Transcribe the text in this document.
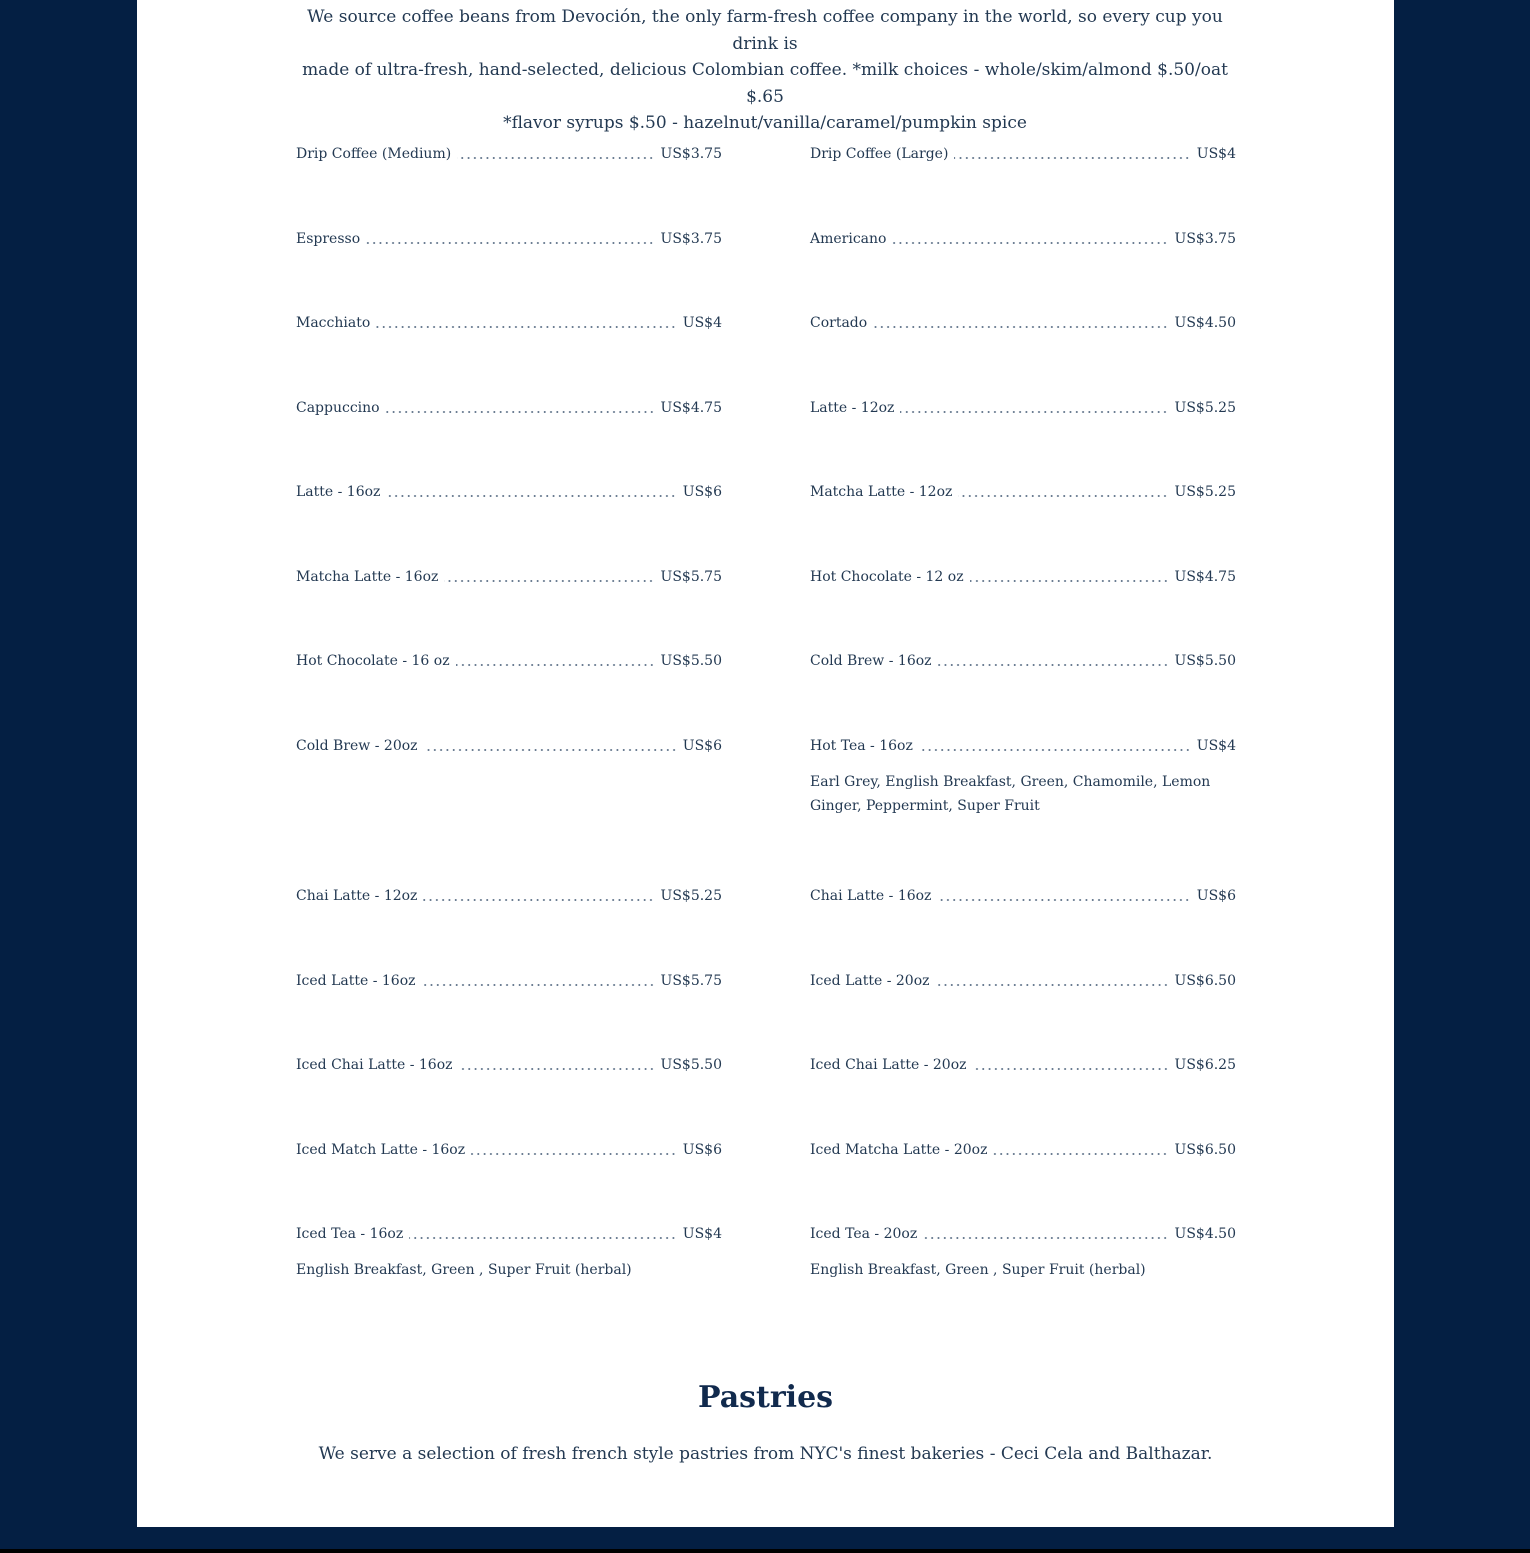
We source coffee beans from Devoción, the only farm-fresh coffee company in the world, so every cup you drink is

made of ultra-fresh, hand-selected, delicious Colombian coffee. *milk choices - whole/skim/almond $.50/oat $.65

*flavor syrups $.50 - hazelnut/vanilla/caramel/pumpkin spice

Drip Coffee (Medium)	US$3.75	Drip Coffee (Large)	US$4
Espresso	US$3.75	Americano	US$3.75
Macchiato	US$4	Cortado	US$4.50
Cappuccino	US$4.75	Latte - 12oz	US$5.25
Latte - 16oz	US$6	Matcha Latte - 12oz	US$5.25
Matcha Latte - 16oz	US$5.75	Hot Chocolate - 12 oz	US$4.75
Hot Chocolate - 16 oz	US$5.50	Cold Brew - 16oz	US$5.50
Cold Brew - 20oz	US$6	Hot Tea - 16oz	US$4
Earl Grey, English Breakfast, Green, Chamomile, Lemon Ginger, Peppermint, Super Fruit
Chai Latte - 12oz	US$5.25	Chai Latte - 16oz	US$6
Iced Latte - 16oz	US$5.75	Iced Latte - 20oz	US$6.50
Iced Chai Latte - 16oz	US$5.50	Iced Chai Latte - 20oz	US$6.25
Iced Match Latte - 16oz	US$6	Iced Matcha Latte - 20oz	US$6.50
Iced Tea - 16oz	US$4
English Breakfast, Green , Super Fruit (herbal)
Iced Tea - 20oz	US$4.50
English Breakfast, Green , Super Fruit (herbal)
Pastries

We serve a selection of fresh french style pastries from NYC's finest bakeries - Ceci Cela and Balthazar.
